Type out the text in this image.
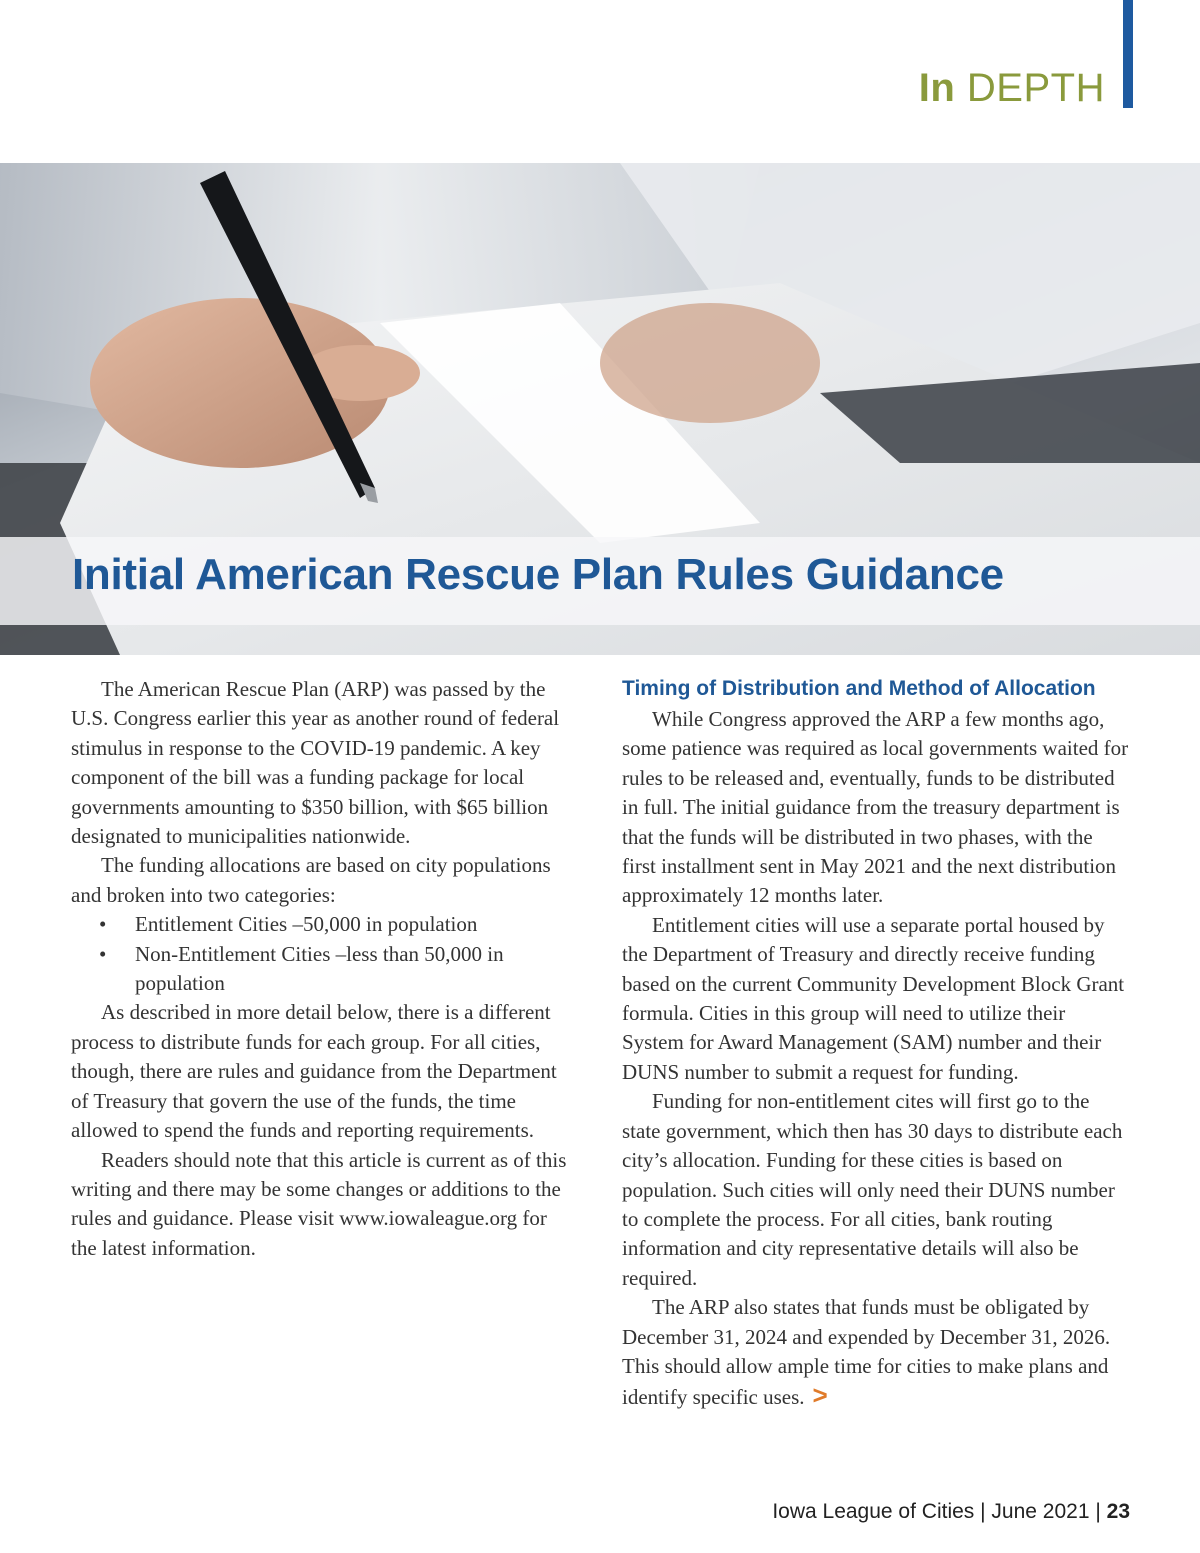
In DEPTH
Initial American Rescue Plan Rules Guidance

The American Rescue Plan (ARP) was passed by the U.S. Congress earlier this year as another round of federal stimulus in response to the COVID-19 pandemic. A key component of the bill was a funding package for local governments amounting to $350 billion, with $65 billion designated to municipalities nationwide.

The funding allocations are based on city populations and broken into two categories:

• Entitlement Cities –50,000 in population
• Non-Entitlement Cities –less than 50,000 in population

As described in more detail below, there is a different process to distribute funds for each group. For all cities, though, there are rules and guidance from the Department of Treasury that govern the use of the funds, the time allowed to spend the funds and reporting requirements.

Readers should note that this article is current as of this writing and there may be some changes or additions to the rules and guidance. Please visit www.iowaleague.org for the latest information.

Timing of Distribution and Method of Allocation

While Congress approved the ARP a few months ago, some patience was required as local governments waited for rules to be released and, eventually, funds to be distributed in full. The initial guidance from the treasury department is that the funds will be distributed in two phases, with the first installment sent in May 2021 and the next distribution approximately 12 months later.

Entitlement cities will use a separate portal housed by the Department of Treasury and directly receive funding based on the current Community Development Block Grant formula. Cities in this group will need to utilize their System for Award Management (SAM) number and their DUNS number to submit a request for funding.

Funding for non-entitlement cites will first go to the state government, which then has 30 days to distribute each city’s allocation. Funding for these cities is based on population. Such cities will only need their DUNS number to complete the process. For all cities, bank routing information and city representative details will also be required.

The ARP also states that funds must be obligated by December 31, 2024 and expended by December 31, 2026. This should allow ample time for cities to make plans and identify specific uses. >

Iowa League of Cities | June 2021 | 23
